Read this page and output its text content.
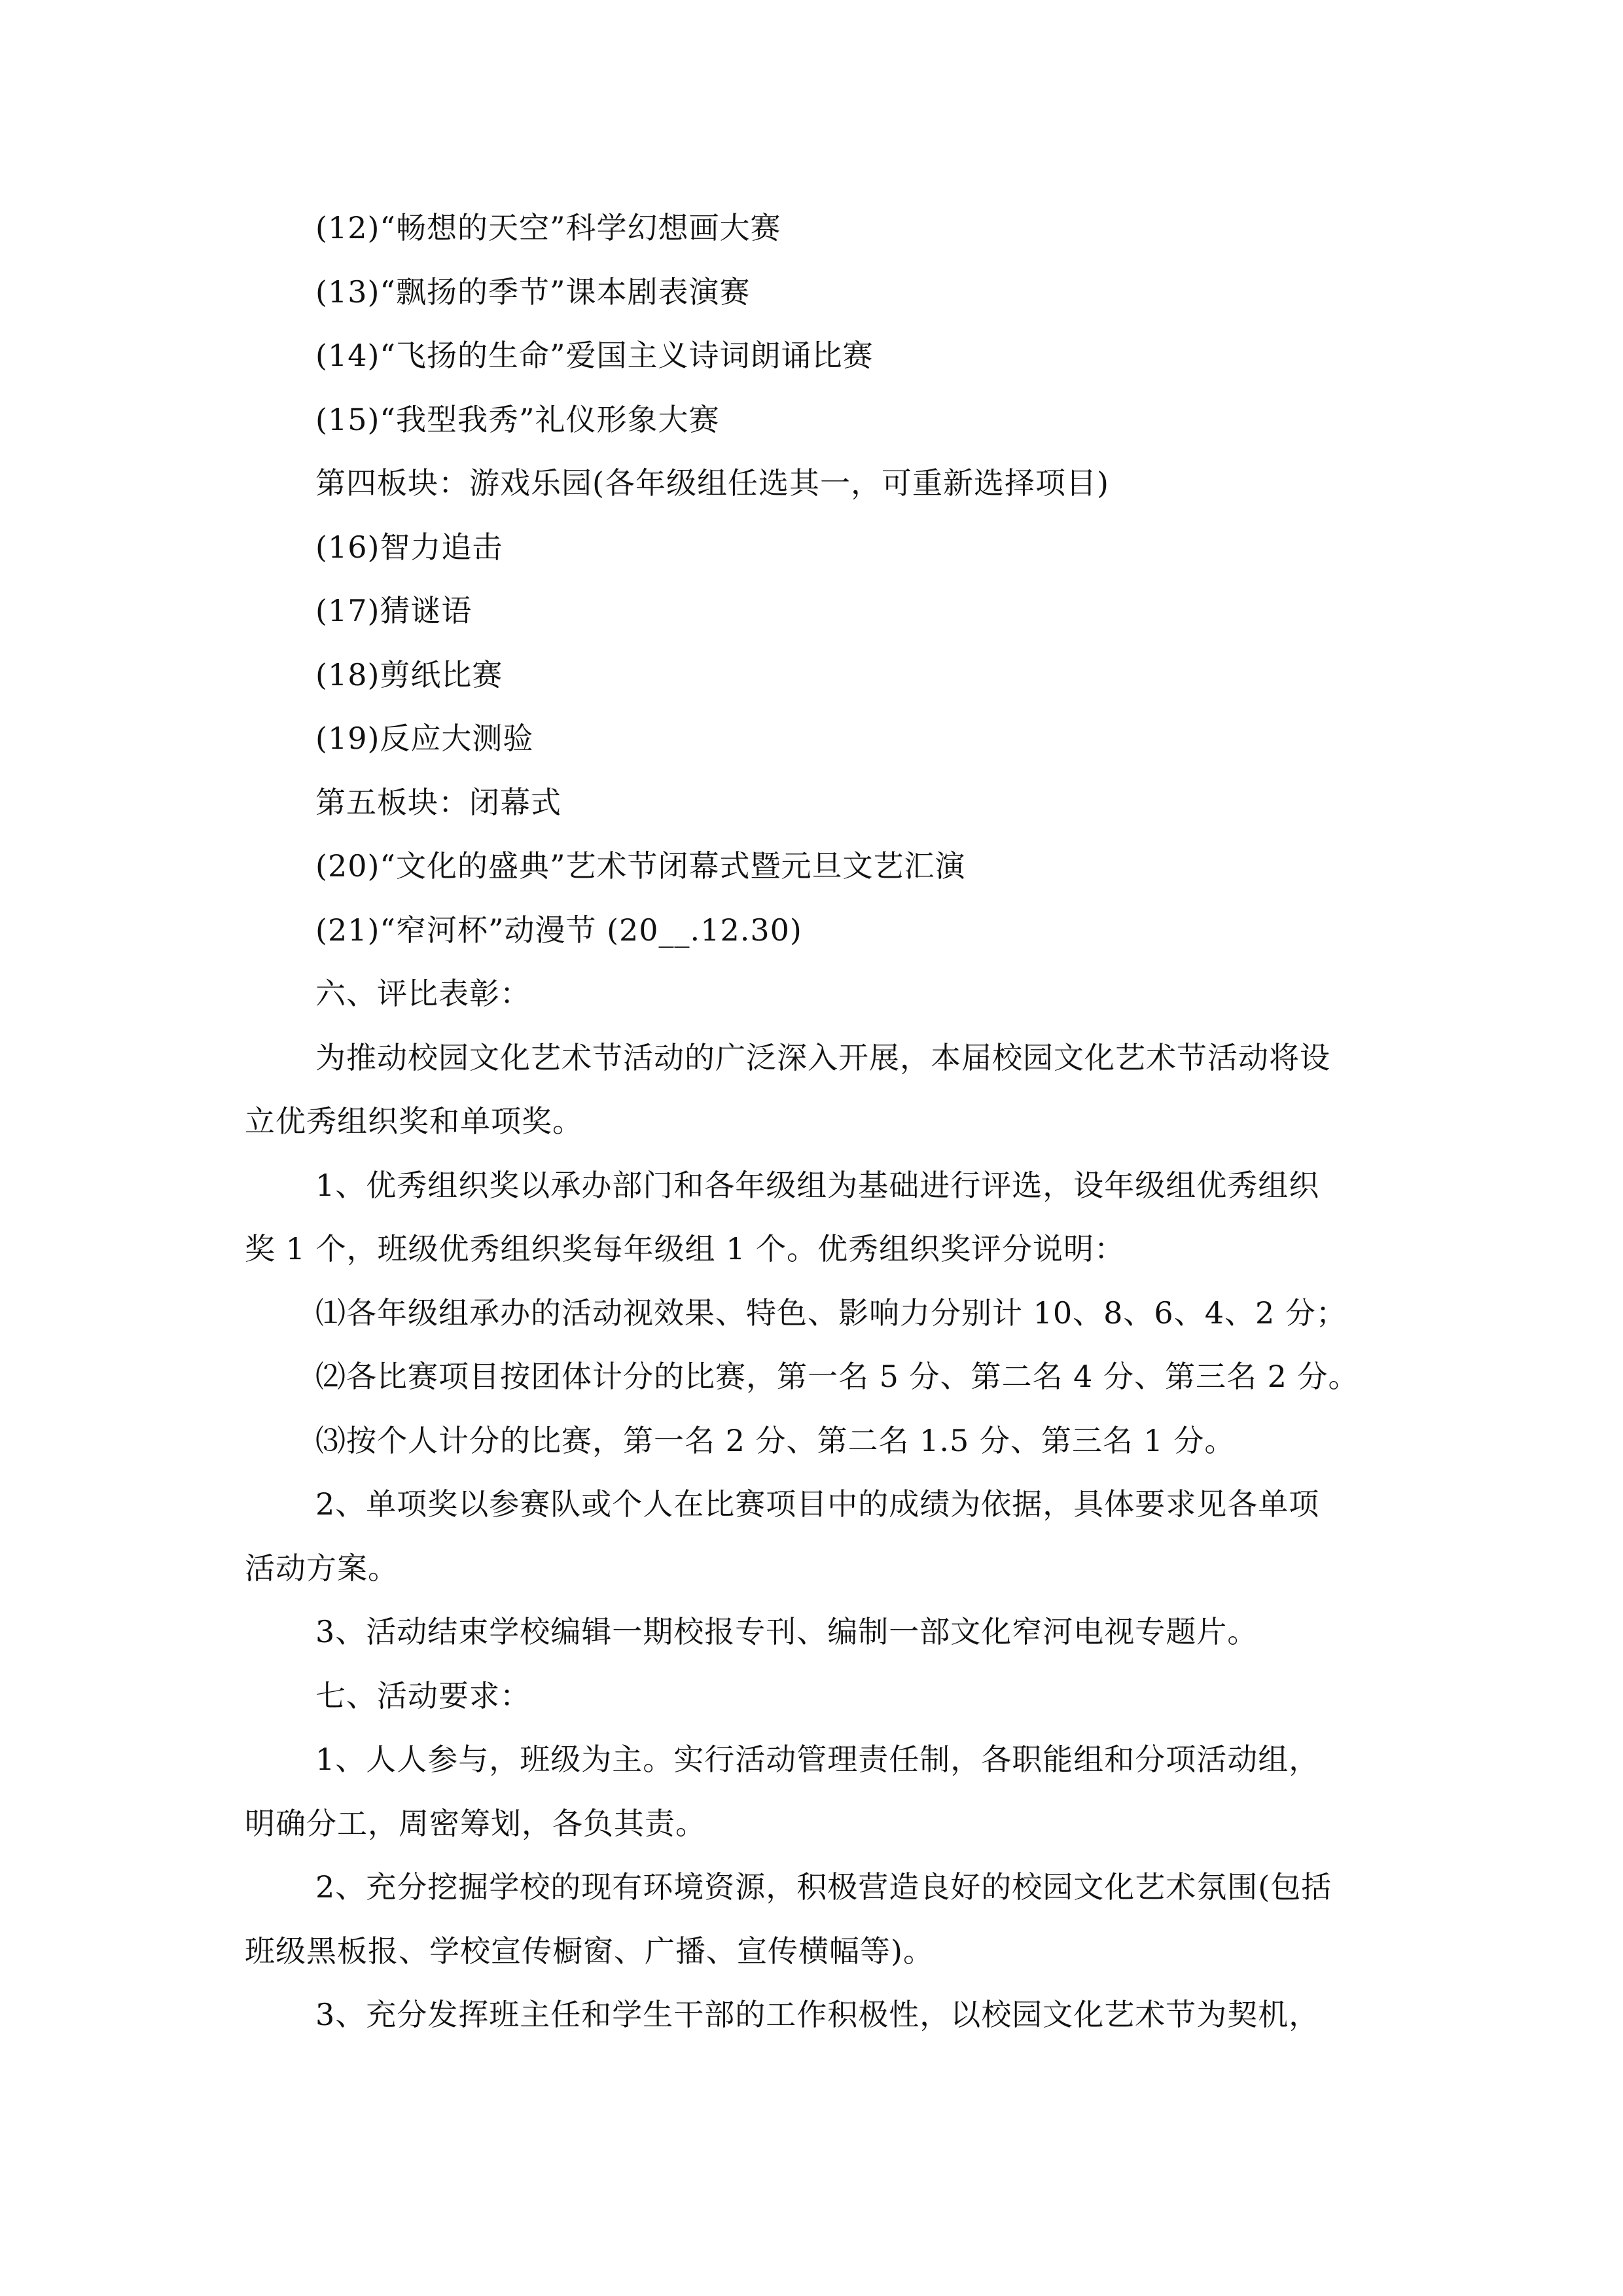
(12)“畅想的天空”科学幻想画大赛
(13)“飘扬的季节”课本剧表演赛
(14)“飞扬的生命”爱国主义诗词朗诵比赛
(15)“我型我秀”礼仪形象大赛
第四板块：游戏乐园(各年级组任选其一，可重新选择项目)
(16)智力追击
(17)猜谜语
(18)剪纸比赛
(19)反应大测验
第五板块：闭幕式
(20)“文化的盛典”艺术节闭幕式暨元旦文艺汇演
(21)“窄河杯”动漫节 (20__.12.30)
六、评比表彰：
为推动校园文化艺术节活动的广泛深入开展，本届校园文化艺术节活动将设
立优秀组织奖和单项奖。
1、优秀组织奖以承办部门和各年级组为基础进行评选，设年级组优秀组织
奖 1 个，班级优秀组织奖每年级组 1 个。优秀组织奖评分说明：
⑴各年级组承办的活动视效果、特色、影响力分别计 10、8、6、4、2 分；
⑵各比赛项目按团体计分的比赛，第一名 5 分、第二名 4 分、第三名 2 分。
⑶按个人计分的比赛，第一名 2 分、第二名 1.5 分、第三名 1 分。
2、单项奖以参赛队或个人在比赛项目中的成绩为依据，具体要求见各单项
活动方案。
3、活动结束学校编辑一期校报专刊、编制一部文化窄河电视专题片。
七、活动要求：
1、人人参与，班级为主。实行活动管理责任制，各职能组和分项活动组，
明确分工，周密筹划，各负其责。
2、充分挖掘学校的现有环境资源，积极营造良好的校园文化艺术氛围(包括
班级黑板报、学校宣传橱窗、广播、宣传横幅等)。
3、充分发挥班主任和学生干部的工作积极性，以校园文化艺术节为契机，
